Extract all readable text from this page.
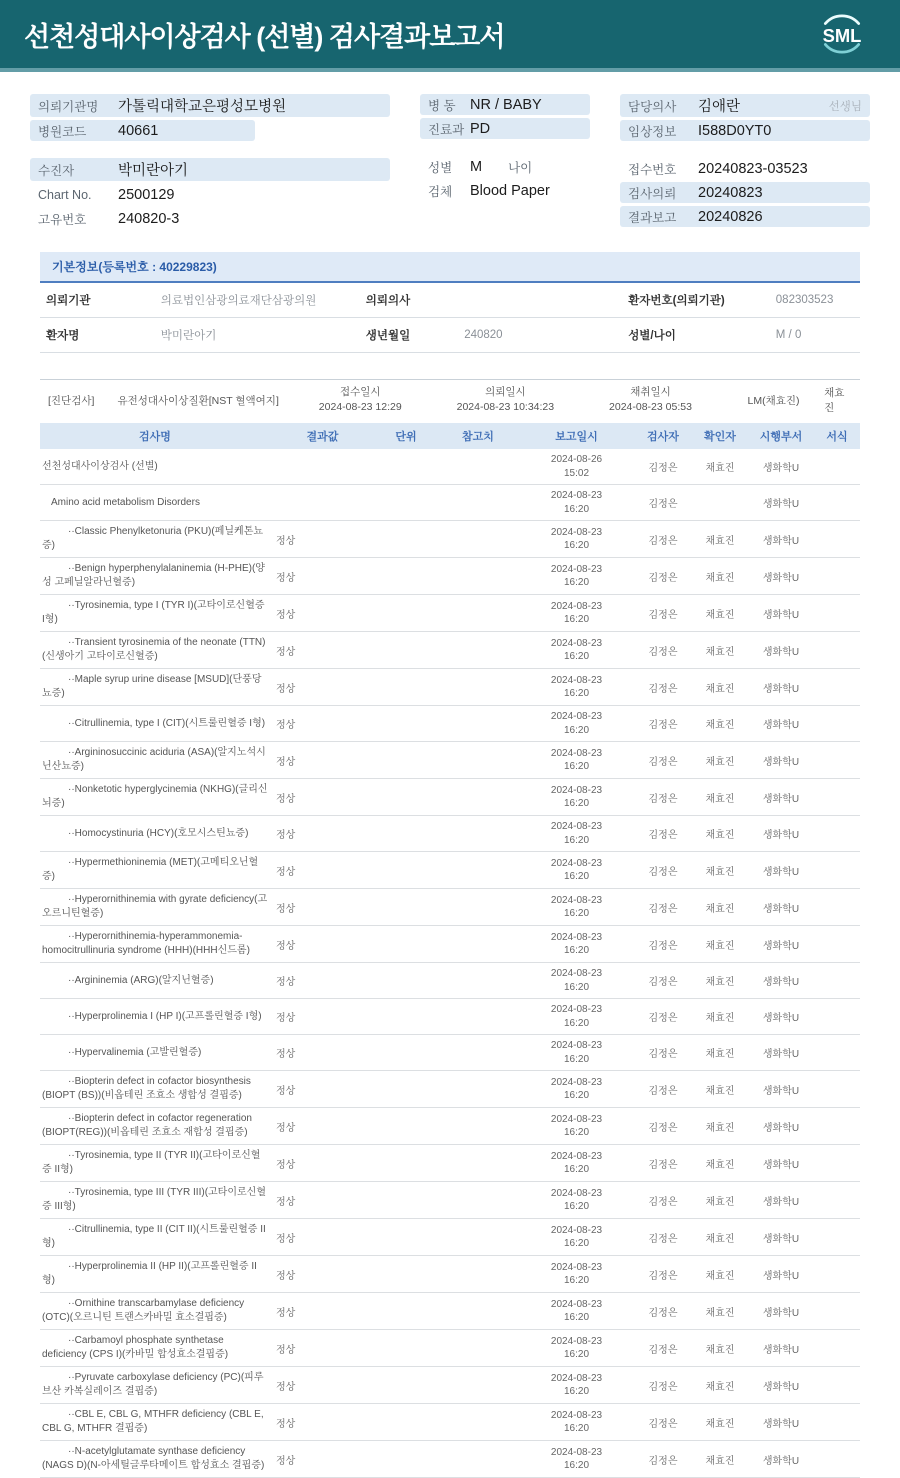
선천성대사이상검사 (선별) 검사결과보고서	SML
의뢰기관명	가톨릭대학교은평성모병원
병원코드	40661
수진자	박미란아기
Chart No.	2500129
고유번호	240820-3
병 동 NR / BABY
진료과 PD
성별	M 나이
검체	Blood Paper
담당의사	김애란	선생님
임상정보	I588D0YT0
접수번호	20240823-03523
검사의뢰	20240823
결과보고	20240826
기본정보(등록번호 : 40229823)
의뢰기관	의료법인삼광의료재단삼광의원	의뢰의사		환자번호(의뢰기관)	082303523
환자명	박미란아기	생년월일	240820	성별/나이	M / 0
[진단검사]	유전성대사이상질환[NST 혈액여지]
접수일시
2024-08-23 12:29
의뢰일시
2024-08-23 10:34:23
채취일시
2024-08-23 05:53
LM(채효진)
채효진
검사명	결과값	단위	참고치	보고일시	검사자	확인자	시행부서	서식
선천성대사이상검사 (선별)				2024-08-26 15:02	김정은	채효진	생화학U	
Amino acid metabolism Disorders				2024-08-23 16:20	김정은		생화학U	
··Classic Phenylketonuria (PKU)(페닐케톤뇨증)	정상			2024-08-23 16:20	김정은	채효진	생화학U	
··Benign hyperphenylalaninemia (H-PHE)(양성 고페닐알라닌혈증)	정상			2024-08-23 16:20	김정은	채효진	생화학U	
··Tyrosinemia, type I (TYR I)(고타이로신혈증 I형)	정상			2024-08-23 16:20	김정은	채효진	생화학U	
··Transient tyrosinemia of the neonate (TTN)(신생아기 고타이로신혈증)	정상			2024-08-23 16:20	김정은	채효진	생화학U	
··Maple syrup urine disease [MSUD](단풍당뇨증)	정상			2024-08-23 16:20	김정은	채효진	생화학U	
··Citrullinemia, type I (CIT)(시트룰린혈증 I형)	정상			2024-08-23 16:20	김정은	채효진	생화학U	
··Argininosuccinic aciduria (ASA)(알지노석시닌산뇨증)	정상			2024-08-23 16:20	김정은	채효진	생화학U	
··Nonketotic hyperglycinemia (NKHG)(글리신뇌증)	정상			2024-08-23 16:20	김정은	채효진	생화학U	
··Homocystinuria (HCY)(호모시스틴뇨증)	정상			2024-08-23 16:20	김정은	채효진	생화학U	
··Hypermethioninemia (MET)(고메티오닌혈증)	정상			2024-08-23 16:20	김정은	채효진	생화학U	
··Hyperornithinemia with gyrate deficiency(고오르니틴혈증)	정상			2024-08-23 16:20	김정은	채효진	생화학U	
··Hyperornithinemia-hyperammonemia-homocitrullinuria syndrome (HHH)(HHH신드롬)	정상			2024-08-23 16:20	김정은	채효진	생화학U	
··Argininemia (ARG)(알지닌혈증)	정상			2024-08-23 16:20	김정은	채효진	생화학U	
··Hyperprolinemia I (HP I)(고프롤린혈증 I형)	정상			2024-08-23 16:20	김정은	채효진	생화학U	
··Hypervalinemia (고발린혈증)	정상			2024-08-23 16:20	김정은	채효진	생화학U	
··Biopterin defect in cofactor biosynthesis (BIOPT (BS))(비옵테린 조효소 생합성 결핍증)	정상			2024-08-23 16:20	김정은	채효진	생화학U	
··Biopterin defect in cofactor regeneration (BIOPT(REG))(비옵테린 조효소 재합성 결핍증)	정상			2024-08-23 16:20	김정은	채효진	생화학U	
··Tyrosinemia, type II (TYR II)(고타이로신혈증 II형)	정상			2024-08-23 16:20	김정은	채효진	생화학U	
··Tyrosinemia, type III (TYR III)(고타이로신혈증 III형)	정상			2024-08-23 16:20	김정은	채효진	생화학U	
··Citrullinemia, type II (CIT II)(시트룰린혈증 II형)	정상			2024-08-23 16:20	김정은	채효진	생화학U	
··Hyperprolinemia II (HP II)(고프롤린혈증 II형)	정상			2024-08-23 16:20	김정은	채효진	생화학U	
··Ornithine transcarbamylase deficiency (OTC)(오르니틴 트랜스카바밀 효소결핍증)	정상			2024-08-23 16:20	김정은	채효진	생화학U	
··Carbamoyl phosphate synthetase deficiency (CPS I)(카바밀 합성효소결핍증)	정상			2024-08-23 16:20	김정은	채효진	생화학U	
··Pyruvate carboxylase deficiency (PC)(피루브산 카복실레이즈 결핍증)	정상			2024-08-23 16:20	김정은	채효진	생화학U	
··CBL E, CBL G, MTHFR deficiency (CBL E, CBL G, MTHFR 결핍증)	정상			2024-08-23 16:20	김정은	채효진	생화학U	
··N-acetylglutamate synthase deficiency (NAGS D)(N-아세틸글루타메이트 합성효소 결핍증)	정상			2024-08-23 16:20	김정은	채효진	생화학U	
